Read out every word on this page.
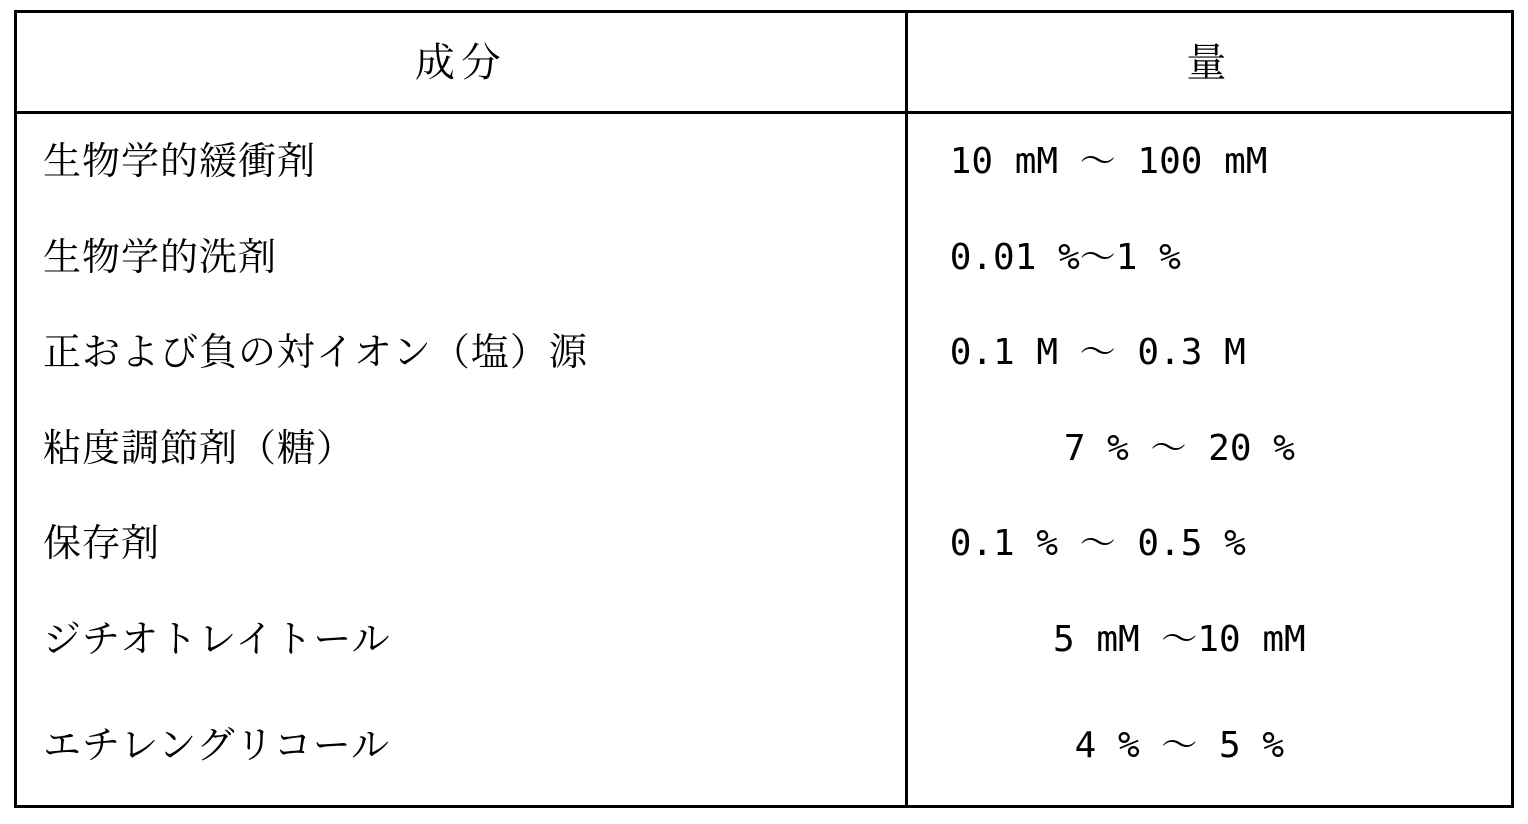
成分	量
生物学的緩衝剤	10 mM 〜 100 mM
生物学的洗剤	0.01 %〜1 %
正および負の対イオン（塩）源	0.1 M 〜 0.3 M
粘度調節剤（糖）	7 % 〜 20 %
保存剤	0.1 % 〜 0.5 %
ジチオトレイトール	5 mM 〜10 mM
エチレングリコール	4 % 〜 5 %
